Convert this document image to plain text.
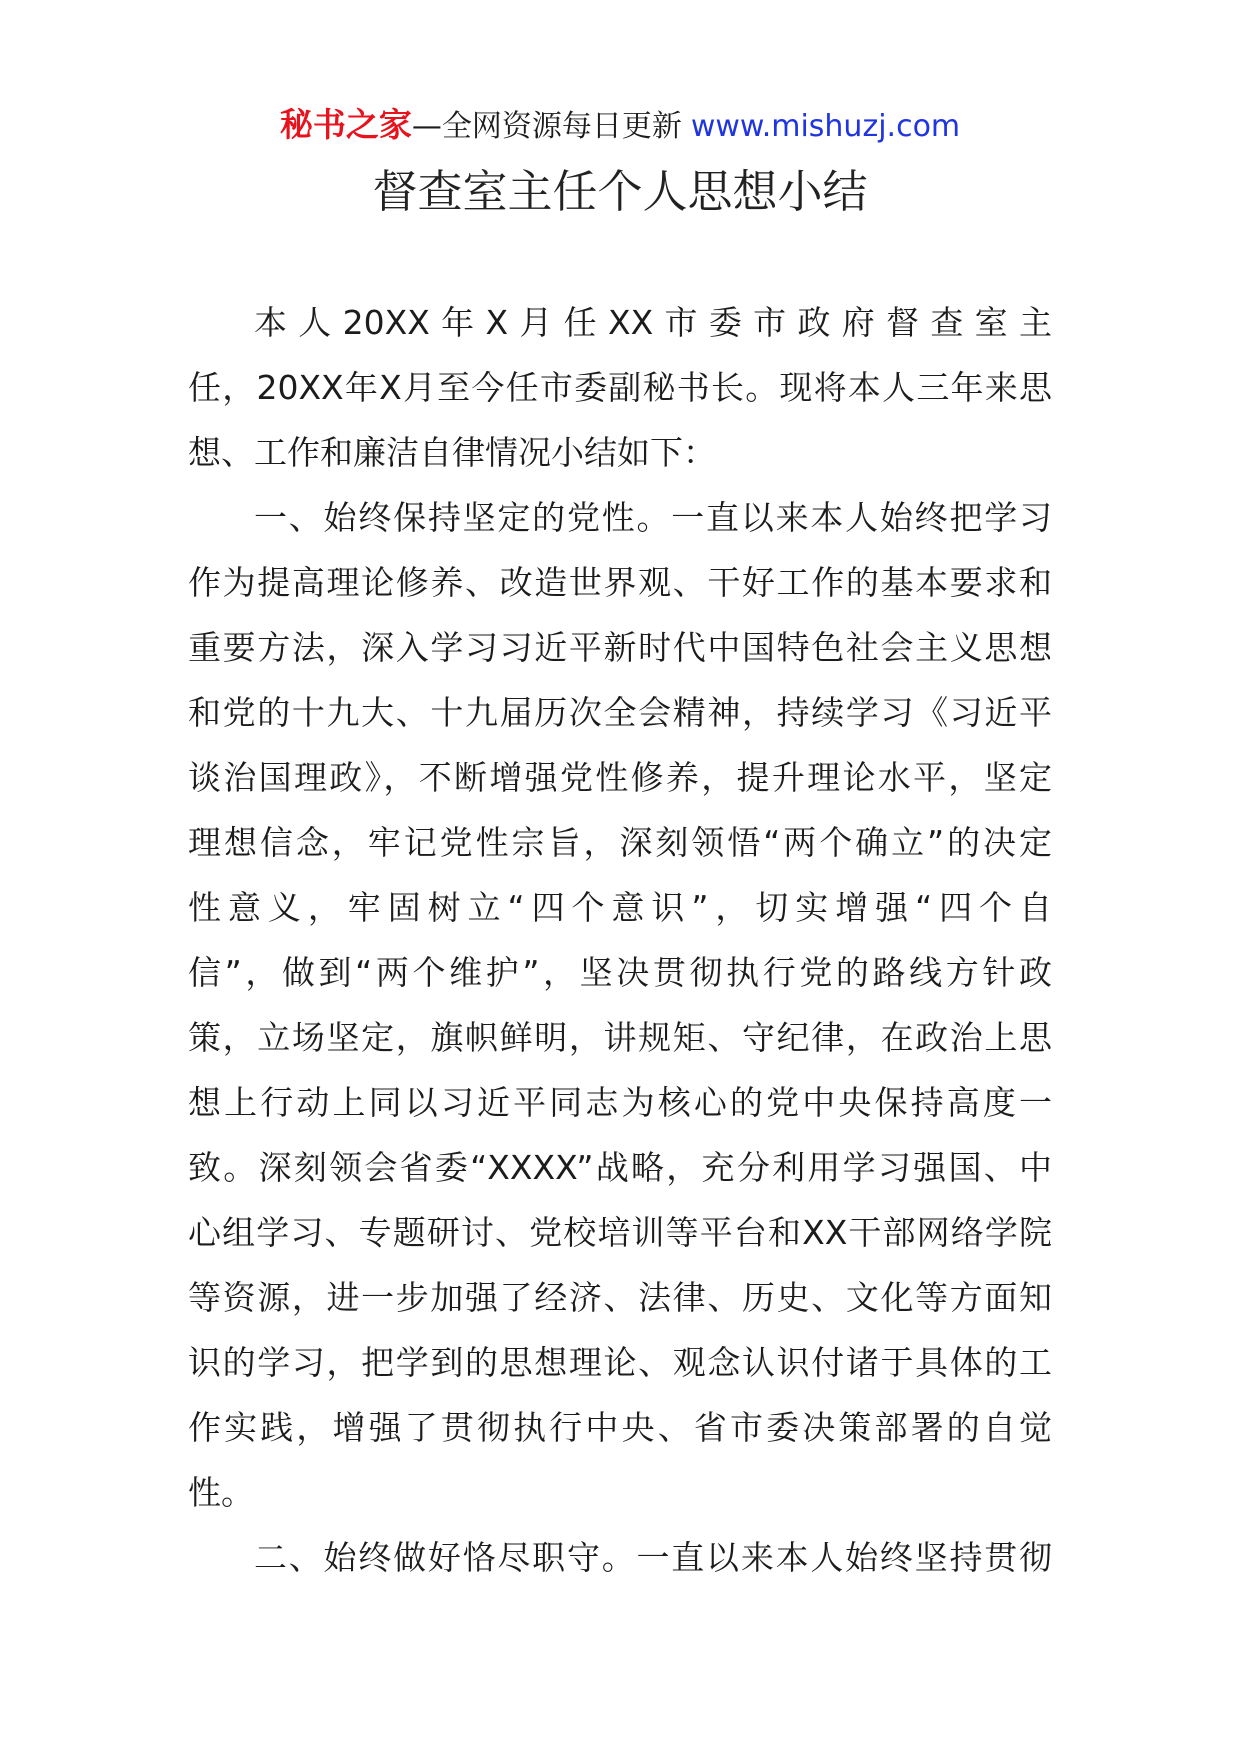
秘书之家—全网资源每日更新 www.mishuzj.com
督查室主任个人思想小结
本人20XX年X月任XX市委市政府督查室主
任，20XX年X月至今任市委副秘书长。现将本人三年来思
想、工作和廉洁自律情况小结如下：
一、始终保持坚定的党性。一直以来本人始终把学习
作为提高理论修养、改造世界观、干好工作的基本要求和
重要方法，深入学习习近平新时代中国特色社会主义思想
和党的十九大、十九届历次全会精神，持续学习《习近平
谈治国理政》，不断增强党性修养，提升理论水平，坚定
理想信念，牢记党性宗旨，深刻领悟“两个确立”的决定
性意义，牢固树立“四个意识”，切实增强“四个自
信”，做到“两个维护”，坚决贯彻执行党的路线方针政
策，立场坚定，旗帜鲜明，讲规矩、守纪律，在政治上思
想上行动上同以习近平同志为核心的党中央保持高度一
致。深刻领会省委“XXXX”战略，充分利用学习强国、中
心组学习、专题研讨、党校培训等平台和XX干部网络学院
等资源，进一步加强了经济、法律、历史、文化等方面知
识的学习，把学到的思想理论、观念认识付诸于具体的工
作实践，增强了贯彻执行中央、省市委决策部署的自觉
性。
二、始终做好恪尽职守。一直以来本人始终坚持贯彻
